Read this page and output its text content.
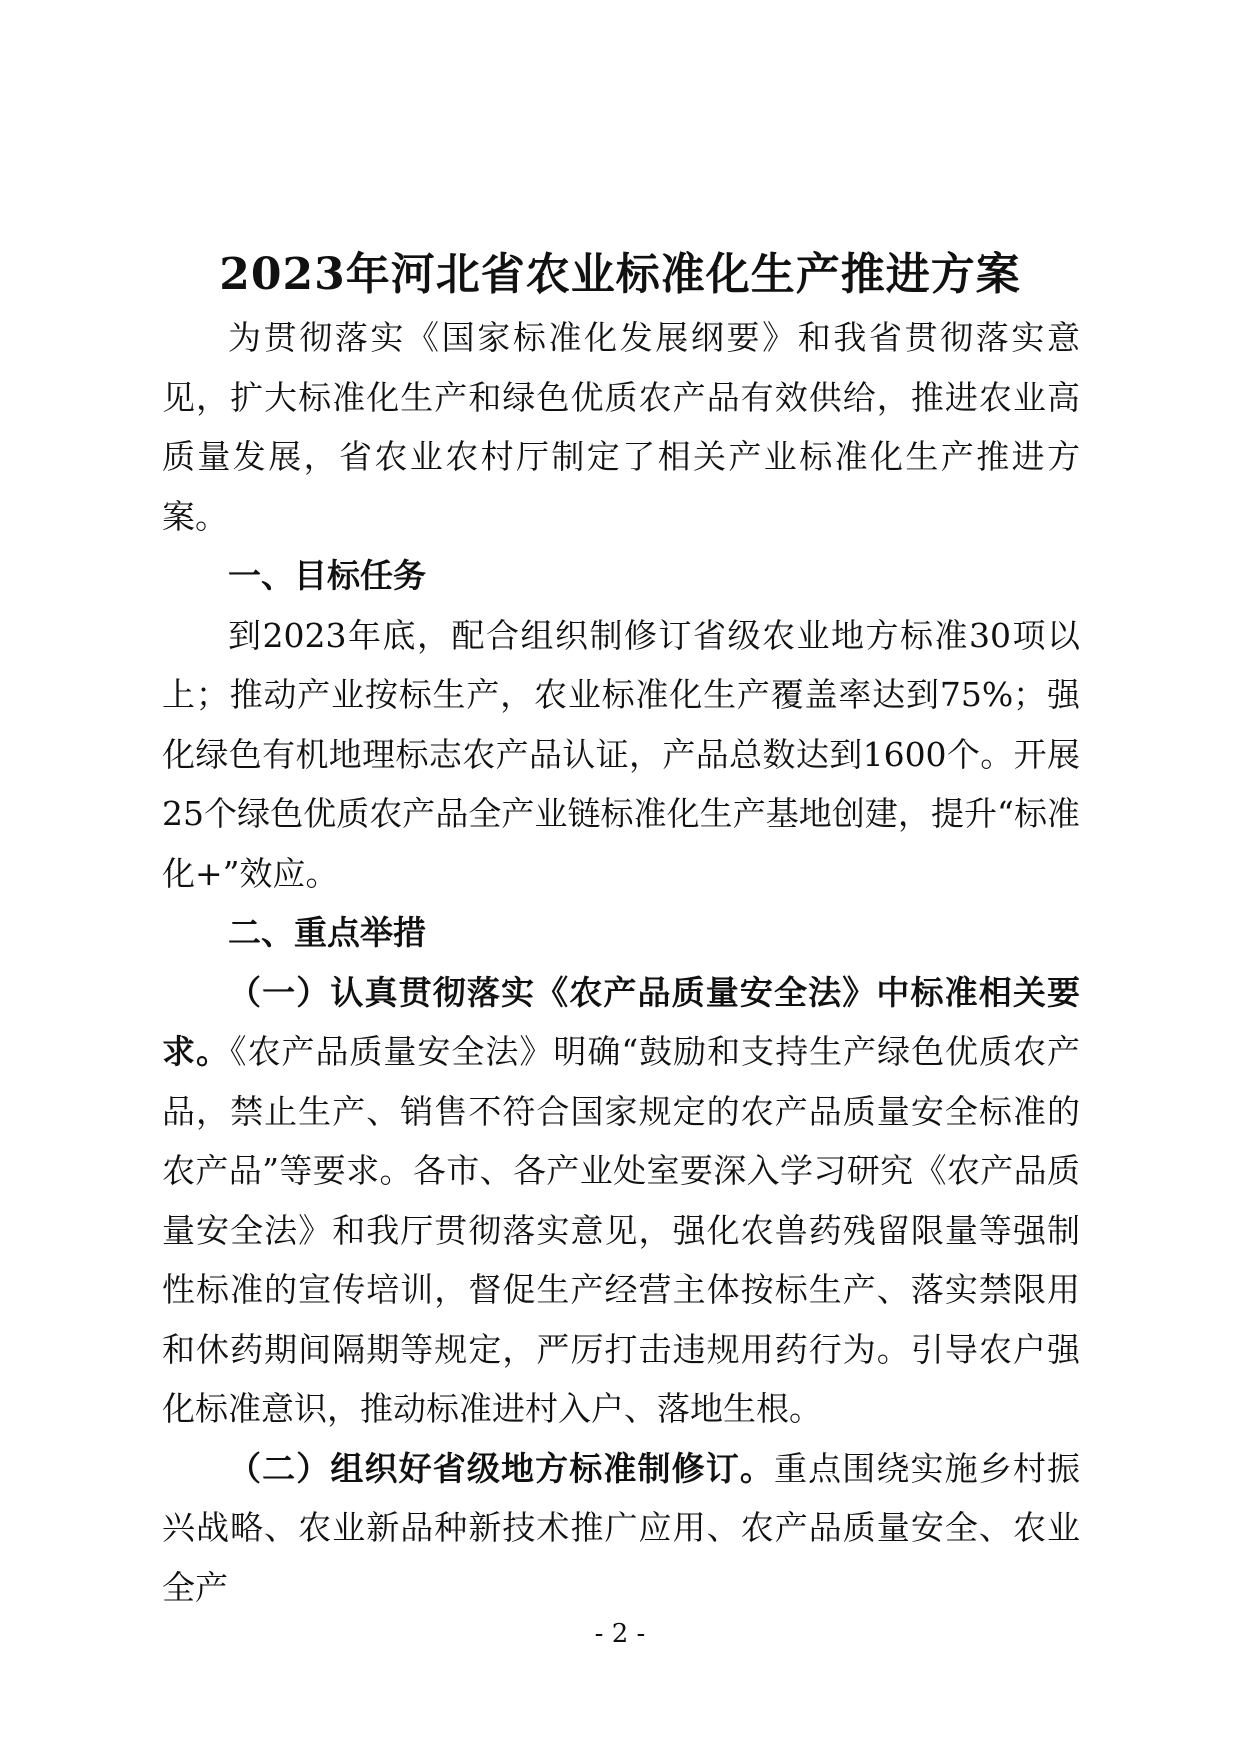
2023年河北省农业标准化生产推进方案

为贯彻落实《国家标准化发展纲要》和我省贯彻落实意见，扩大标准化生产和绿色优质农产品有效供给，推进农业高质量发展，省农业农村厅制定了相关产业标准化生产推进方案。

一、目标任务

到2023年底，配合组织制修订省级农业地方标准30项以上；推动产业按标生产，农业标准化生产覆盖率达到75%；强化绿色有机地理标志农产品认证，产品总数达到1600个。开展25个绿色优质农产品全产业链标准化生产基地创建，提升“标准化+”效应。

二、重点举措

（一）认真贯彻落实《农产品质量安全法》中标准相关要求。《农产品质量安全法》明确“鼓励和支持生产绿色优质农产品，禁止生产、销售不符合国家规定的农产品质量安全标准的农产品”等要求。各市、各产业处室要深入学习研究《农产品质量安全法》和我厅贯彻落实意见，强化农兽药残留限量等强制性标准的宣传培训，督促生产经营主体按标生产、落实禁限用和休药期间隔期等规定，严厉打击违规用药行为。引导农户强化标准意识，推动标准进村入户、落地生根。

（二）组织好省级地方标准制修订。重点围绕实施乡村振兴战略、农业新品种新技术推广应用、农产品质量安全、农业全产

- 2 -
